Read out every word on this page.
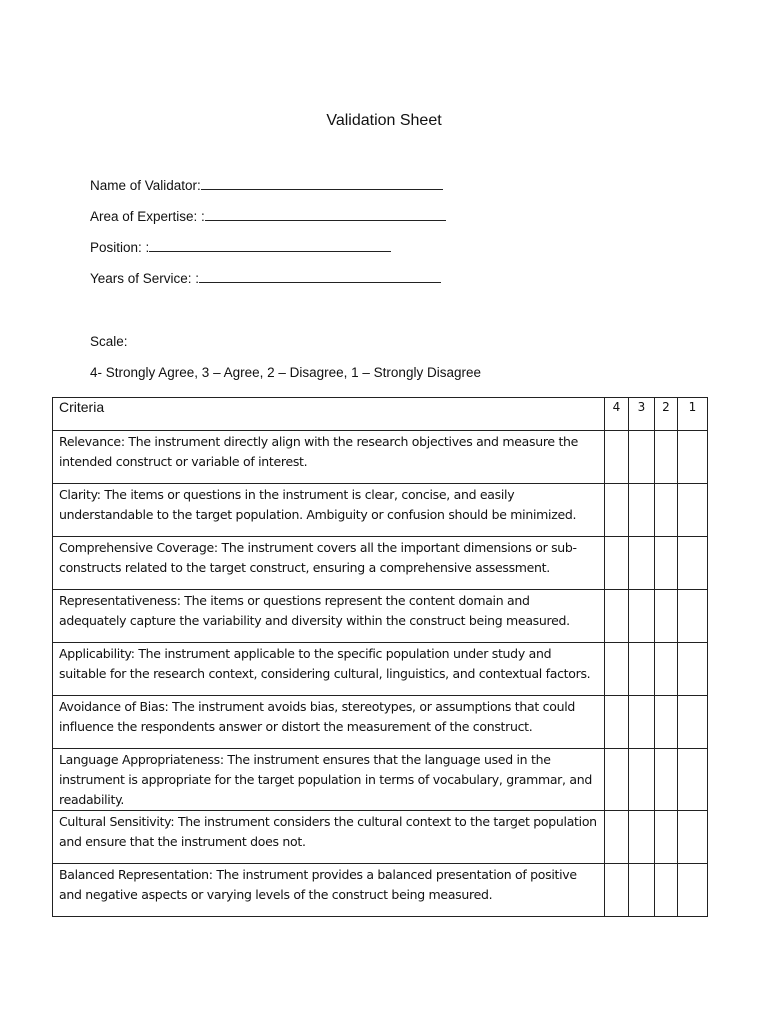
Validation Sheet
Name of Validator:
Area of Expertise: :
Position: :
Years of Service: :
Scale:
4- Strongly Agree, 3 – Agree, 2 – Disagree, 1 – Strongly Disagree
Criteria	4	3	2	1

Relevance: The instrument directly align with the research objectives and measure the intended construct or variable of interest.				

Clarity: The items or questions in the instrument is clear, concise, and easily understandable to the target population. Ambiguity or confusion should be minimized.				

Comprehensive Coverage: The instrument covers all the important dimensions or sub-constructs related to the target construct, ensuring a comprehensive assessment.				

Representativeness: The items or questions represent the content domain and adequately capture the variability and diversity within the construct being measured.				

Applicability: The instrument applicable to the specific population under study and suitable for the research context, considering cultural, linguistics, and contextual factors.				

Avoidance of Bias: The instrument avoids bias, stereotypes, or assumptions that could influence the respondents answer or distort the measurement of the construct.				

Language Appropriateness: The instrument ensures that the language used in the instrument is appropriate for the target population in terms of vocabulary, grammar, and readability.				

Cultural Sensitivity: The instrument considers the cultural context to the target population and ensure that the instrument does not.				

Balanced Representation: The instrument provides a balanced presentation of positive and negative aspects or varying levels of the construct being measured.				
